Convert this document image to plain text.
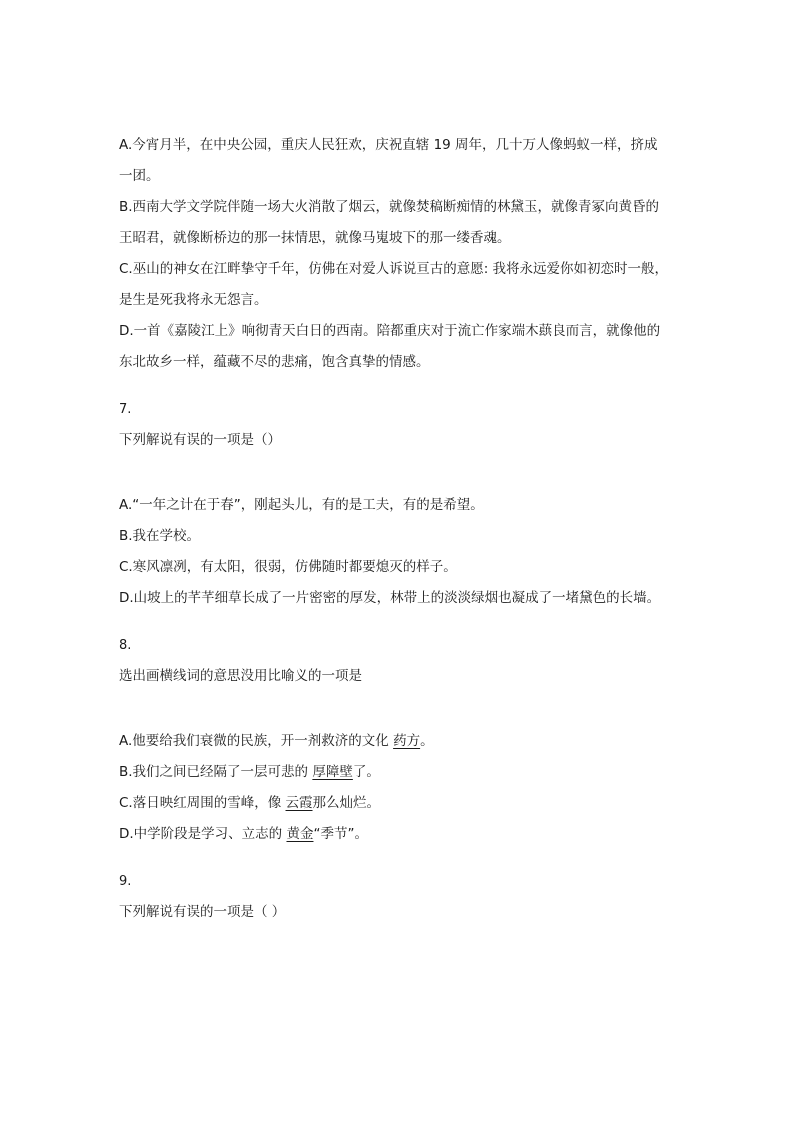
A.今宵月半，在中央公园，重庆人民狂欢，庆祝直辖 19 周年，几十万人像蚂蚁一样，挤成
一团。
B.西南大学文学院伴随一场大火消散了烟云，就像焚稿断痴情的林黛玉，就像青冢向黄昏的
王昭君，就像断桥边的那一抹情思，就像马嵬坡下的那一缕香魂。
C.巫山的神女在江畔挚守千年，仿佛在对爱人诉说亘古的意愿: 我将永远爱你如初恋时一般，
是生是死我将永无怨言。
D.一首《嘉陵江上》响彻青天白日的西南。陪都重庆对于流亡作家端木蕻良而言，就像他的
东北故乡一样，蕴藏不尽的悲痛，饱含真挚的情感。
7.
下列解说有误的一项是（）
A.“一年之计在于春”，刚起头儿，有的是工夫，有的是希望。
B.我在学校。
C.寒风凛冽，有太阳，很弱，仿佛随时都要熄灭的样子。
D.山坡上的芊芊细草长成了一片密密的厚发，林带上的淡淡绿烟也凝成了一堵黛色的长墙。
8.
选出画横线词的意思没用比喻义的一项是
A.他要给我们衰微的民族，开一剂救济的文化 药方。
B.我们之间已经隔了一层可悲的 厚障壁了。
C.落日映红周围的雪峰，像 云霞那么灿烂。
D.中学阶段是学习、立志的 黄金“季节”。
9.
下列解说有误的一项是（ ）
